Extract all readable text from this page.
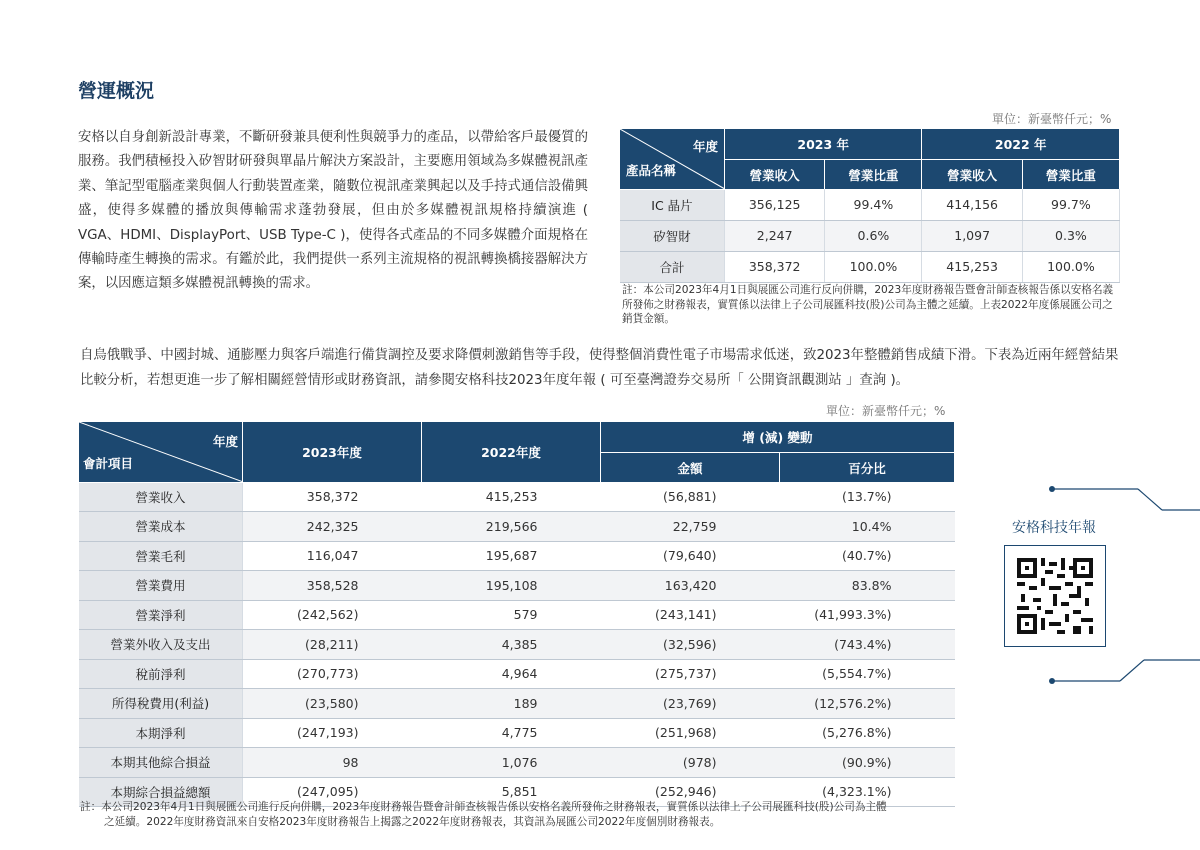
營運概況
安格以自身創新設計專業，不斷研發兼具便利性與競爭力的產品，以帶給客戶最優質的服務。我們積極投入矽智財研發與單晶片解決方案設計，主要應用領域為多媒體視訊產業、筆記型電腦產業與個人行動裝置產業，隨數位視訊產業興起以及手持式通信設備興盛，使得多媒體的播放與傳輸需求蓬勃發展，但由於多媒體視訊規格持續演進 ( VGA、HDMI、DisplayPort、USB Type-C )，使得各式產品的不同多媒體介面規格在傳輸時產生轉換的需求。有鑑於此，我們提供一系列主流規格的視訊轉換橋接器解決方案，以因應這類多媒體視訊轉換的需求。
單位：新臺幣仟元；%
年度
產品名稱	2023 年		2022 年	
	營業收入	營業比重	營業收入	營業比重
IC 晶片	356,125	99.4%	414,156	99.7%
矽智財	2,247	0.6%	1,097	0.3%
合計	358,372	100.0%	415,253	100.0%
註：本公司2023年4月1日與展匯公司進行反向併購，2023年度財務報告暨會計師查核報告係以安格名義所發佈之財務報表，實質係以法律上子公司展匯科技(股)公司為主體之延續。上表2022年度係展匯公司之銷貨金額。
自烏俄戰爭、中國封城、通膨壓力與客戶端進行備貨調控及要求降價刺激銷售等手段，使得整個消費性電子市場需求低迷，致2023年整體銷售成績下滑。下表為近兩年經營結果比較分析，若想更進一步了解相關經營情形或財務資訊，請參閱安格科技2023年度年報 ( 可至臺灣證券交易所「 公開資訊觀測站 」查詢 )。
單位：新臺幣仟元；%
年度
會計項目	2023年度	2022年度	增 (減) 變動	
			金額	百分比
營業收入	358,372	415,253	(56,881)	(13.7%)
營業成本	242,325	219,566	22,759	10.4%
營業毛利	116,047	195,687	(79,640)	(40.7%)
營業費用	358,528	195,108	163,420	83.8%
營業淨利	(242,562)	579	(243,141)	(41,993.3%)
營業外收入及支出	(28,211)	4,385	(32,596)	(743.4%)
稅前淨利	(270,773)	4,964	(275,737)	(5,554.7%)
所得稅費用(利益)	(23,580)	189	(23,769)	(12,576.2%)
本期淨利	(247,193)	4,775	(251,968)	(5,276.8%)
本期其他綜合損益	98	1,076	(978)	(90.9%)
本期綜合損益總額	(247,095)	5,851	(252,946)	(4,323.1%)
註：本公司2023年4月1日與展匯公司進行反向併購，2023年度財務報告暨會計師查核報告係以安格名義所發佈之財務報表，實質係以法律上子公司展匯科技(股)公司為主體
之延續。2022年度財務資訊來自安格2023年度財務報告上揭露之2022年度財務報表，其資訊為展匯公司2022年度個別財務報表。
安格科技年報
